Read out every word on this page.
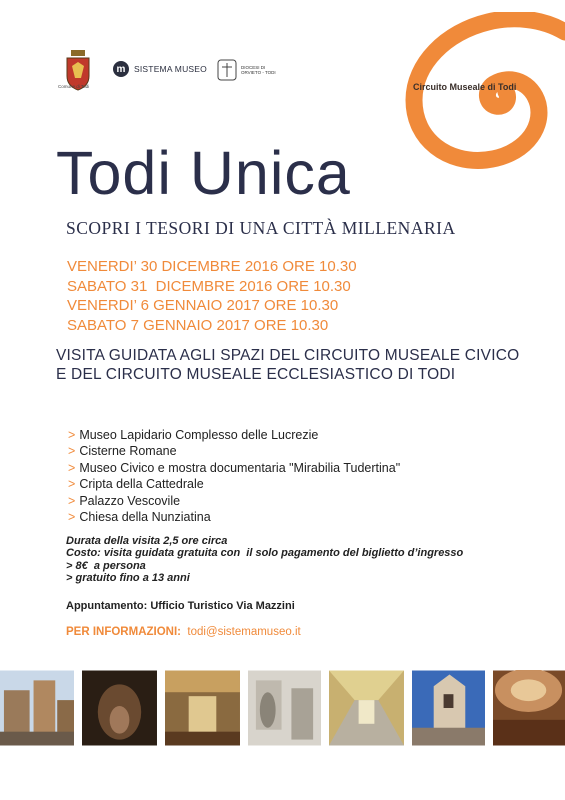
Comune di Todi
m	SISTEMA MUSEO	DIOCESI DI
ORVIETO - TODI
Circuito Museale di Todi
Todi Unica
SCOPRI I TESORI DI UNA CITTÀ MILLENARIA
VENERDI’ 30 DICEMBRE 2016 ORE 10.30
SABATO 31  DICEMBRE 2016 ORE 10.30
VENERDI’ 6 GENNAIO 2017 ORE 10.30
SABATO 7 GENNAIO 2017 ORE 10.30
VISITA GUIDATA AGLI SPAZI DEL CIRCUITO MUSEALE CIVICO E DEL CIRCUITO MUSEALE ECCLESIASTICO DI TODI
> Museo Lapidario Complesso delle Lucrezie
> Cisterne Romane
> Museo Civico e mostra documentaria "Mirabilia Tudertina"
> Cripta della Cattedrale
> Palazzo Vescovile
> Chiesa della Nunziatina
Durata della visita 2,5 ore circa
Costo: visita guidata gratuita con  il solo pagamento del biglietto d’ingresso
> 8€  a persona
> gratuito fino a 13 anni
Appuntamento: Ufficio Turistico Via Mazzini
PER INFORMAZIONI: todi@sistemamuseo.it
